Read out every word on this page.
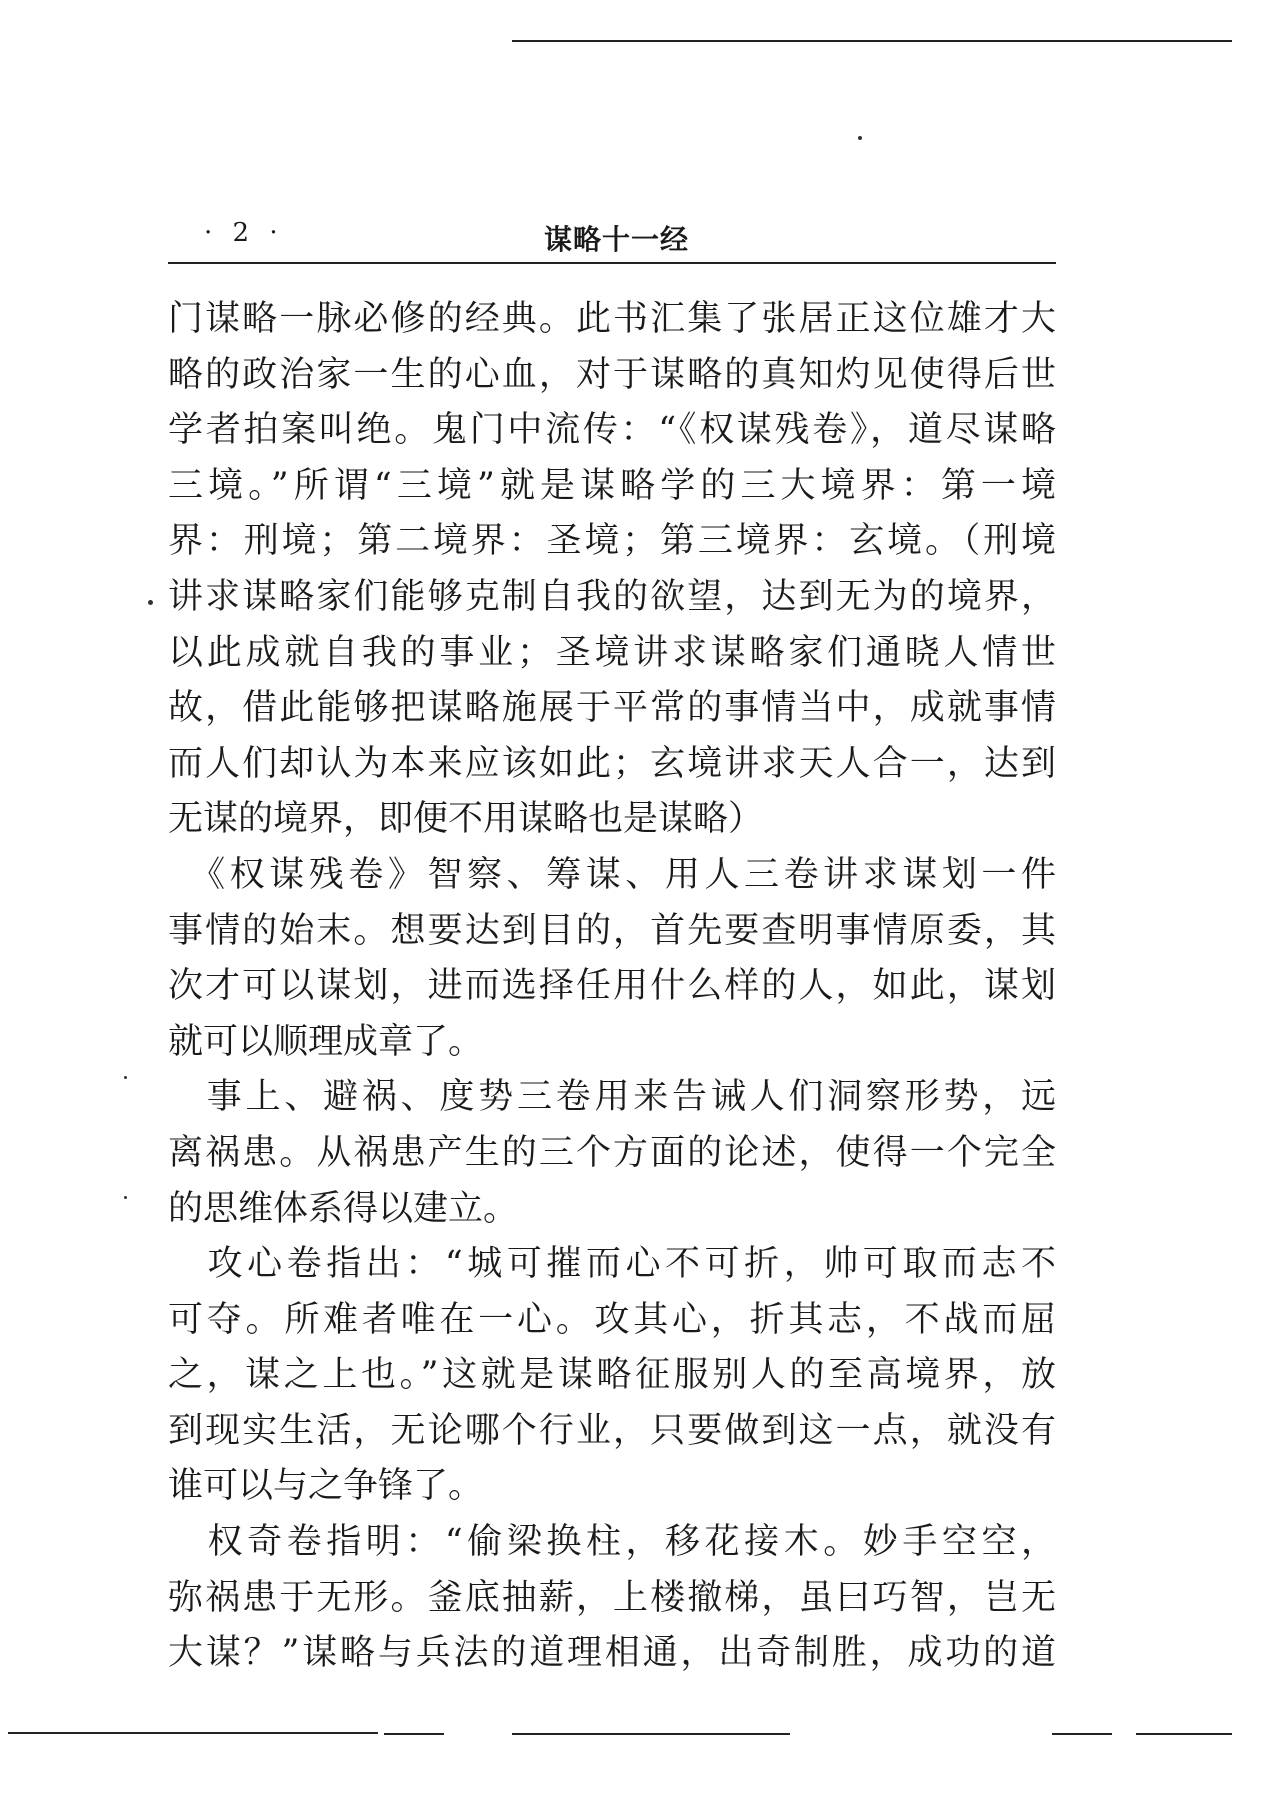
· 2 ·	谋略十一经
门谋略一脉必修的经典。此书汇集了张居正这位雄才大
略的政治家一生的心血，对于谋略的真知灼见使得后世
学者拍案叫绝。鬼门中流传：“《权谋残卷》，道尽谋略
三境。”所谓“三境”就是谋略学的三大境界：第一境
界：刑境；第二境界：圣境；第三境界：玄境。（刑境
讲求谋略家们能够克制自我的欲望，达到无为的境界，
以此成就自我的事业；圣境讲求谋略家们通晓人情世
故，借此能够把谋略施展于平常的事情当中，成就事情
而人们却认为本来应该如此；玄境讲求天人合一，达到
无谋的境界，即便不用谋略也是谋略）
　《权谋残卷》智察、筹谋、用人三卷讲求谋划一件
事情的始末。想要达到目的，首先要查明事情原委，其
次才可以谋划，进而选择任用什么样的人，如此，谋划
就可以顺理成章了。
　事上、避祸、度势三卷用来告诫人们洞察形势，远
离祸患。从祸患产生的三个方面的论述，使得一个完全
的思维体系得以建立。
　攻心卷指出：“城可摧而心不可折，帅可取而志不
可夺。所难者唯在一心。攻其心，折其志，不战而屈
之，谋之上也。”这就是谋略征服别人的至高境界，放
到现实生活，无论哪个行业，只要做到这一点，就没有
谁可以与之争锋了。
　权奇卷指明：“偷梁换柱，移花接木。妙手空空，
弥祸患于无形。釜底抽薪，上楼撤梯，虽曰巧智，岂无
大谋？”谋略与兵法的道理相通，出奇制胜，成功的道
